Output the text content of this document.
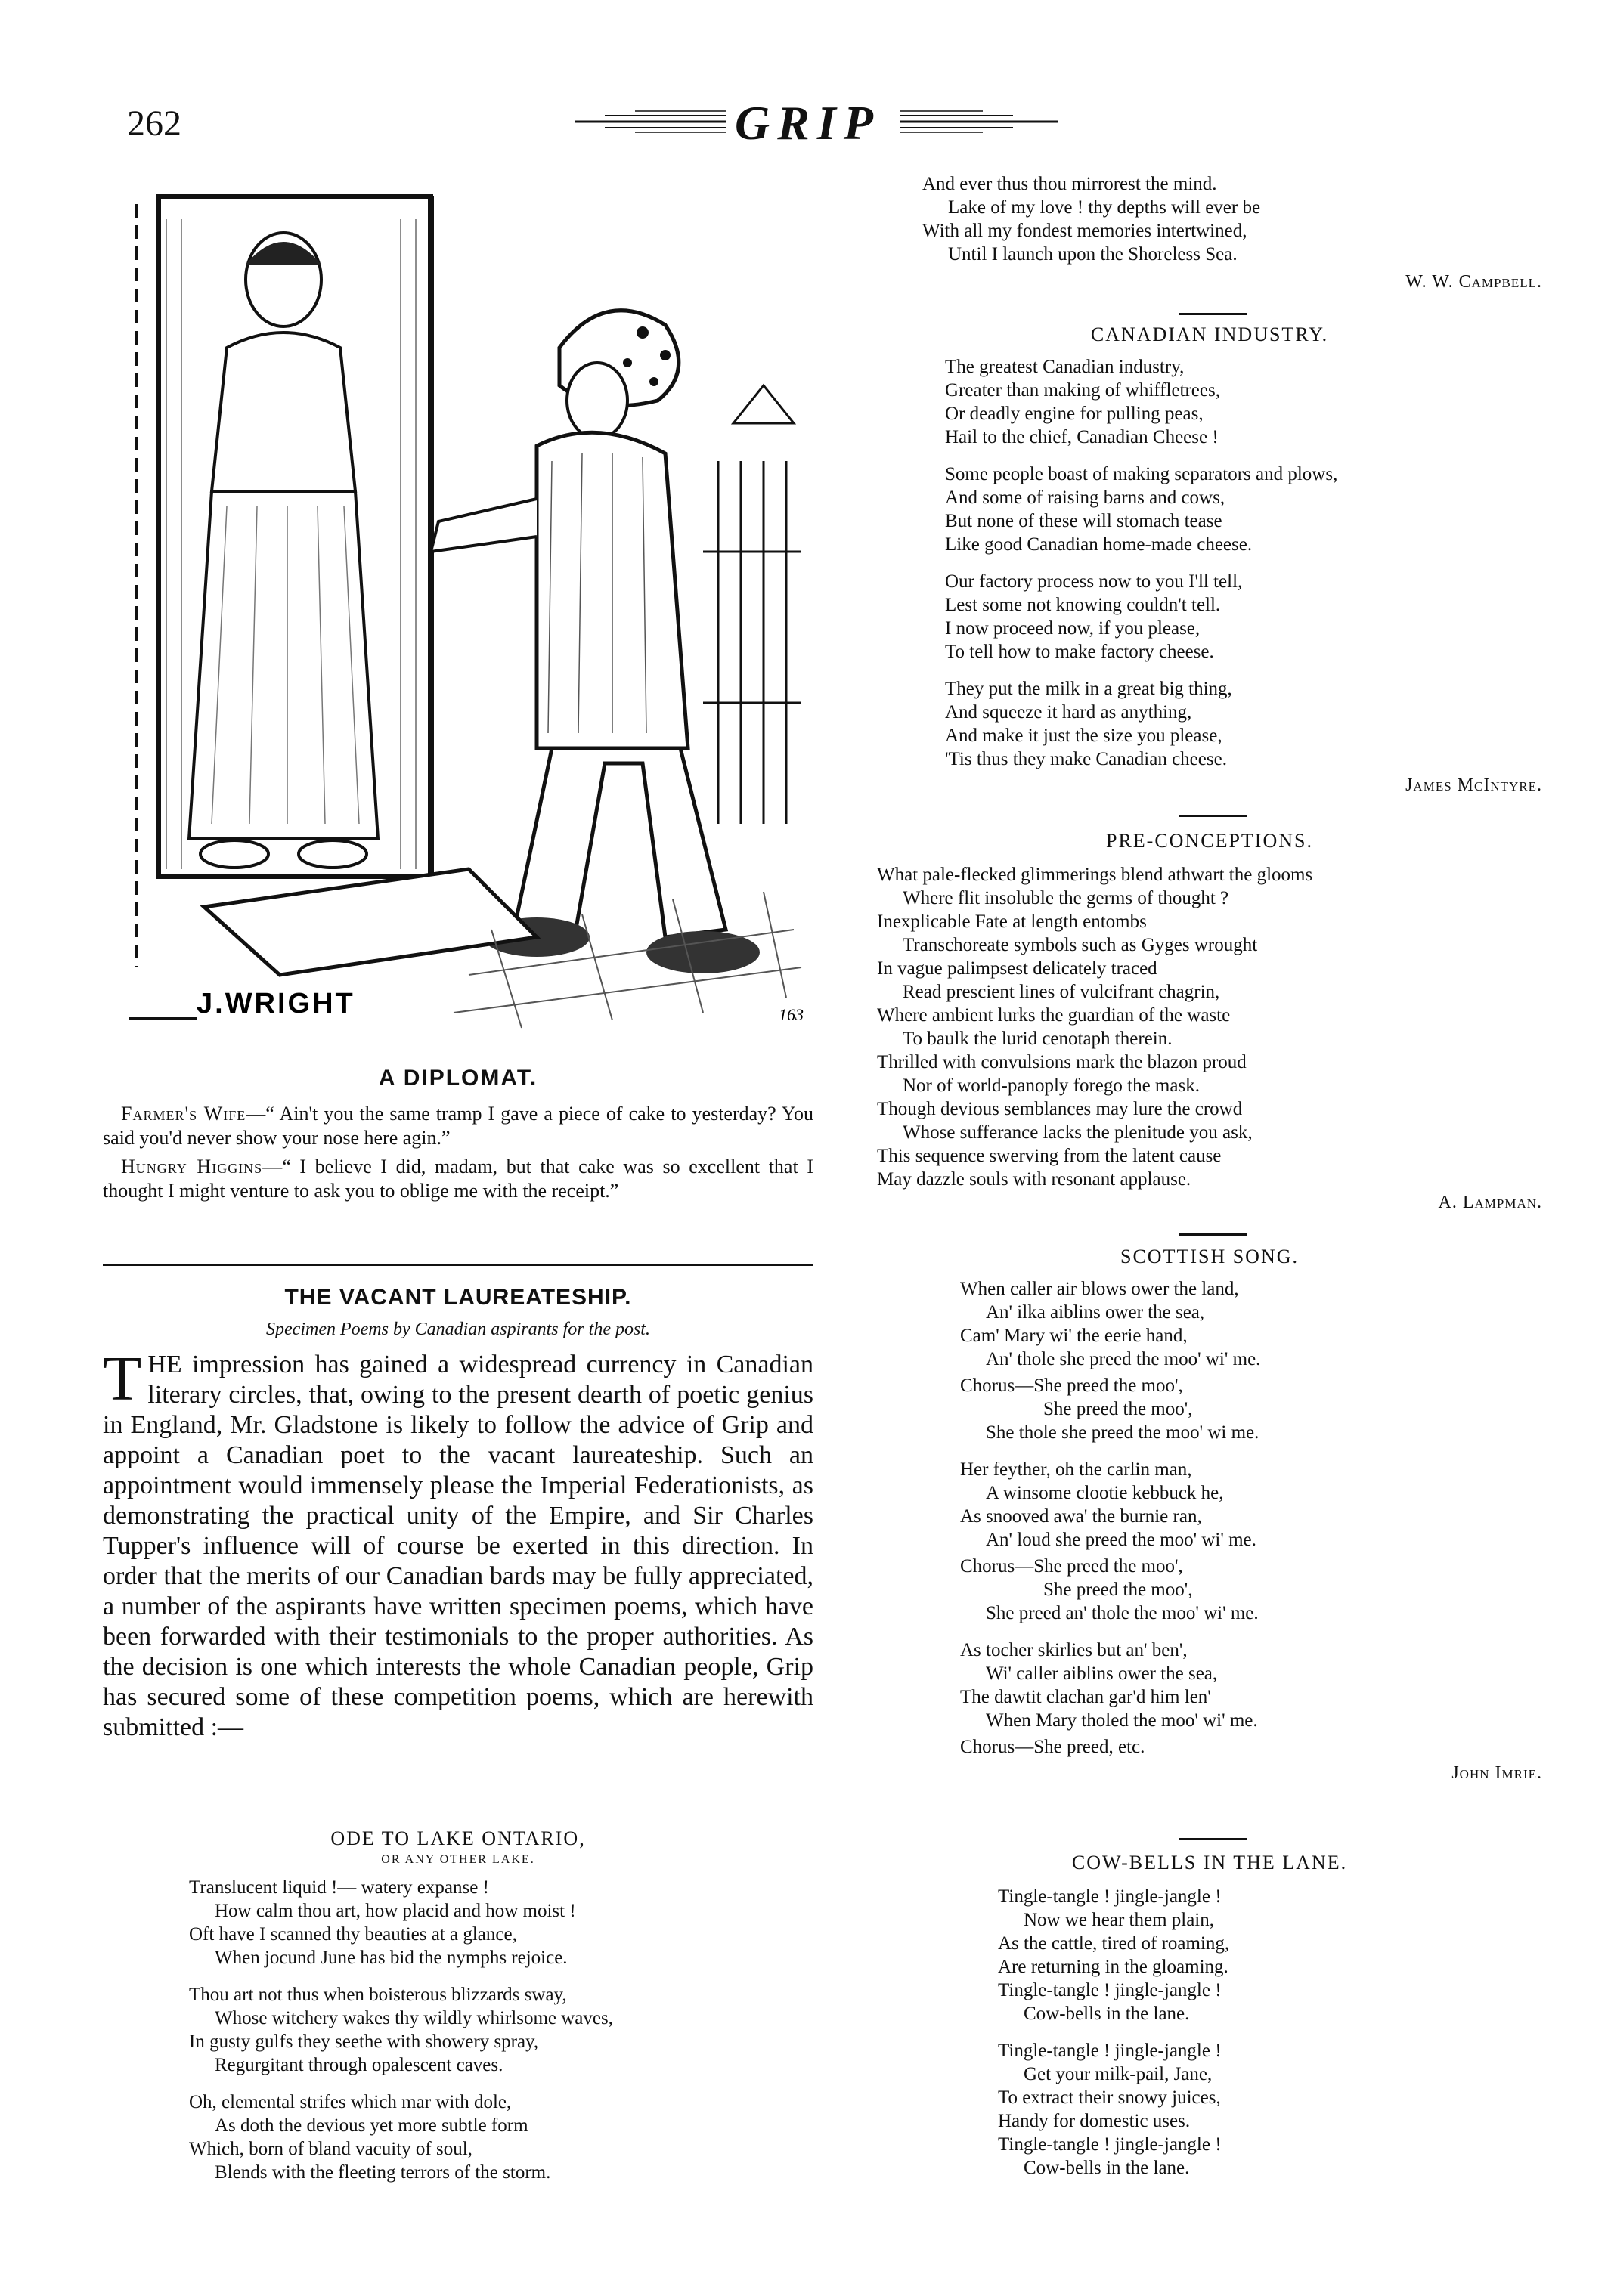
262	GRIP
J.WRIGHT	163
A DIPLOMAT.
Farmer's Wife—“ Ain't you the same tramp I gave a piece of cake to yesterday? You said you'd never show your nose here agin.”
Hungry Higgins—“ I believe I did, madam, but that cake was so excellent that I thought I might venture to ask you to oblige me with the receipt.”
THE VACANT LAUREATESHIP.
Specimen Poems by Canadian aspirants for the post.
THE impression has gained a widespread currency in Canadian literary circles, that, owing to the present dearth of poetic genius in England, Mr. Gladstone is likely to follow the advice of Grip and appoint a Canadian poet to the vacant laureateship. Such an appointment would immensely please the Imperial Federationists, as demonstrating the practical unity of the Empire, and Sir Charles Tupper's influence will of course be exerted in this direction. In order that the merits of our Canadian bards may be fully appreciated, a number of the aspirants have written specimen poems, which have been forwarded with their testimonials to the proper authorities. As the decision is one which interests the whole Canadian people, Grip has secured some of these competition poems, which are herewith submitted :—
ODE TO LAKE ONTARIO,
OR ANY OTHER LAKE.
Translucent liquid !— watery expanse !
How calm thou art, how placid and how moist !
Oft have I scanned thy beauties at a glance,
When jocund June has bid the nymphs rejoice.
Thou art not thus when boisterous blizzards sway,
Whose witchery wakes thy wildly whirlsome waves,
In gusty gulfs they seethe with showery spray,
Regurgitant through opalescent caves.
Oh, elemental strifes which mar with dole,
As doth the devious yet more subtle form
Which, born of bland vacuity of soul,
Blends with the fleeting terrors of the storm.
And ever thus thou mirrorest the mind.
Lake of my love ! thy depths will ever be
With all my fondest memories intertwined,
Until I launch upon the Shoreless Sea.
W. W. Campbell.
CANADIAN INDUSTRY.
The greatest Canadian industry,
Greater than making of whiffletrees,
Or deadly engine for pulling peas,
Hail to the chief, Canadian Cheese !
Some people boast of making separators and plows,
And some of raising barns and cows,
But none of these will stomach tease
Like good Canadian home-made cheese.
Our factory process now to you I'll tell,
Lest some not knowing couldn't tell.
I now proceed now, if you please,
To tell how to make factory cheese.
They put the milk in a great big thing,
And squeeze it hard as anything,
And make it just the size you please,
'Tis thus they make Canadian cheese.
James McIntyre.
PRE-CONCEPTIONS.
What pale-flecked glimmerings blend athwart the glooms
Where flit insoluble the germs of thought ?
Inexplicable Fate at length entombs
Transchoreate symbols such as Gyges wrought
In vague palimpsest delicately traced
Read prescient lines of vulcifrant chagrin,
Where ambient lurks the guardian of the waste
To baulk the lurid cenotaph therein.
Thrilled with convulsions mark the blazon proud
Nor of world-panoply forego the mask.
Though devious semblances may lure the crowd
Whose sufferance lacks the plenitude you ask,
This sequence swerving from the latent cause
May dazzle souls with resonant applause.
A. Lampman.
SCOTTISH SONG.
When caller air blows ower the land,
An' ilka aiblins ower the sea,
Cam' Mary wi' the eerie hand,
An' thole she preed the moo' wi' me.
Chorus—She preed the moo',
She preed the moo',
She thole she preed the moo' wi me.
Her feyther, oh the carlin man,
A winsome clootie kebbuck he,
As snooved awa' the burnie ran,
An' loud she preed the moo' wi' me.
Chorus—She preed the moo',
She preed the moo',
She preed an' thole the moo' wi' me.
As tocher skirlies but an' ben',
Wi' caller aiblins ower the sea,
The dawtit clachan gar'd him len'
When Mary tholed the moo' wi' me.
Chorus—She preed, etc.
John Imrie.
COW-BELLS IN THE LANE.
Tingle-tangle ! jingle-jangle !
Now we hear them plain,
As the cattle, tired of roaming,
Are returning in the gloaming.
Tingle-tangle ! jingle-jangle !
Cow-bells in the lane.
Tingle-tangle ! jingle-jangle !
Get your milk-pail, Jane,
To extract their snowy juices,
Handy for domestic uses.
Tingle-tangle ! jingle-jangle !
Cow-bells in the lane.
